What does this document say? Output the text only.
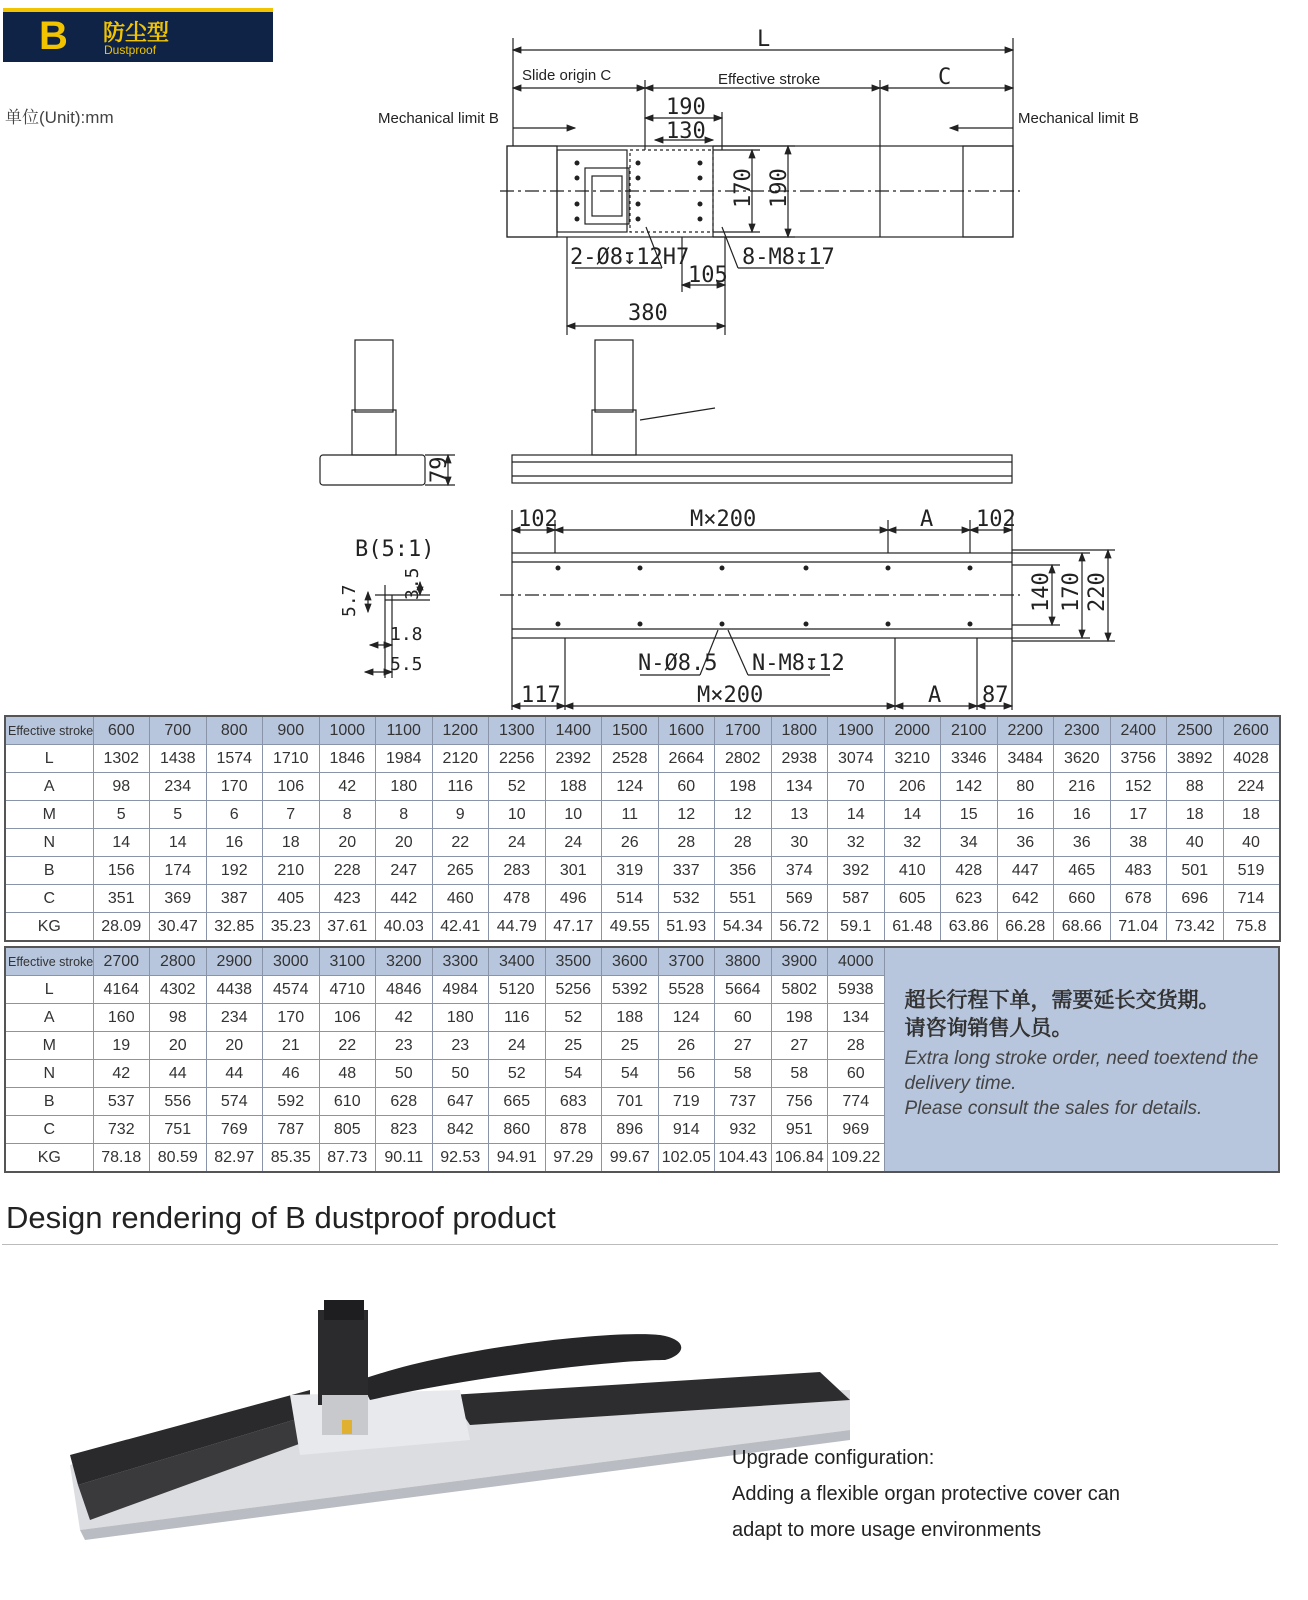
B 防尘型
Dustproof
单位(Unit):mm
L
Slide origin C	Effective stroke	C
Mechanical limit B	Mechanical limit B
190
130
170 190
2-Ø8↧12H7 8-M8↧17
105
380
79
B(5:1)
5.7
3.5
1.8
5.5
102	M×200	A 102
140 170 220
N-Ø8.5 N-M8↧12
117	M×200	A 87
Effective stroke	600	700	800	900	1000	1100	1200	1300	1400	1500	1600	1700	1800	1900	2000	2100	2200	2300	2400	2500	2600
L	1302	1438	1574	1710	1846	1984	2120	2256	2392	2528	2664	2802	2938	3074	3210	3346	3484	3620	3756	3892	4028
A	98	234	170	106	42	180	116	52	188	124	60	198	134	70	206	142	80	216	152	88	224
M	5	5	6	7	8	8	9	10	10	11	12	12	13	14	14	15	16	16	17	18	18
N	14	14	16	18	20	20	22	24	24	26	28	28	30	32	32	34	36	36	38	40	40
B	156	174	192	210	228	247	265	283	301	319	337	356	374	392	410	428	447	465	483	501	519
C	351	369	387	405	423	442	460	478	496	514	532	551	569	587	605	623	642	660	678	696	714
KG	28.09	30.47	32.85	35.23	37.61	40.03	42.41	44.79	47.17	49.55	51.93	54.34	56.72	59.1	61.48	63.86	66.28	68.66	71.04	73.42	75.8
Effective stroke	2700	2800	2900	3000	3100	3200	3300	3400	3500	3600	3700	3800	3900	4000	超长行程下单，需要延长交货期。
请咨询销售人员。
Extra long stroke order, need toextend the delivery time.
Please consult the sales for details.

L	4164	4302	4438	4574	4710	4846	4984	5120	5256	5392	5528	5664	5802	5938	
A	160	98	234	170	106	42	180	116	52	188	124	60	198	134	
M	19	20	20	21	22	23	23	24	25	25	26	27	27	28	
N	42	44	44	46	48	50	50	52	54	54	56	58	58	60	
B	537	556	574	592	610	628	647	665	683	701	719	737	756	774	
C	732	751	769	787	805	823	842	860	878	896	914	932	951	969	
KG	78.18	80.59	82.97	85.35	87.73	90.11	92.53	94.91	97.29	99.67	102.05	104.43	106.84	109.22	
Design rendering of B dustproof product
Upgrade configuration:
Adding a flexible organ protective cover can
adapt to more usage environments
